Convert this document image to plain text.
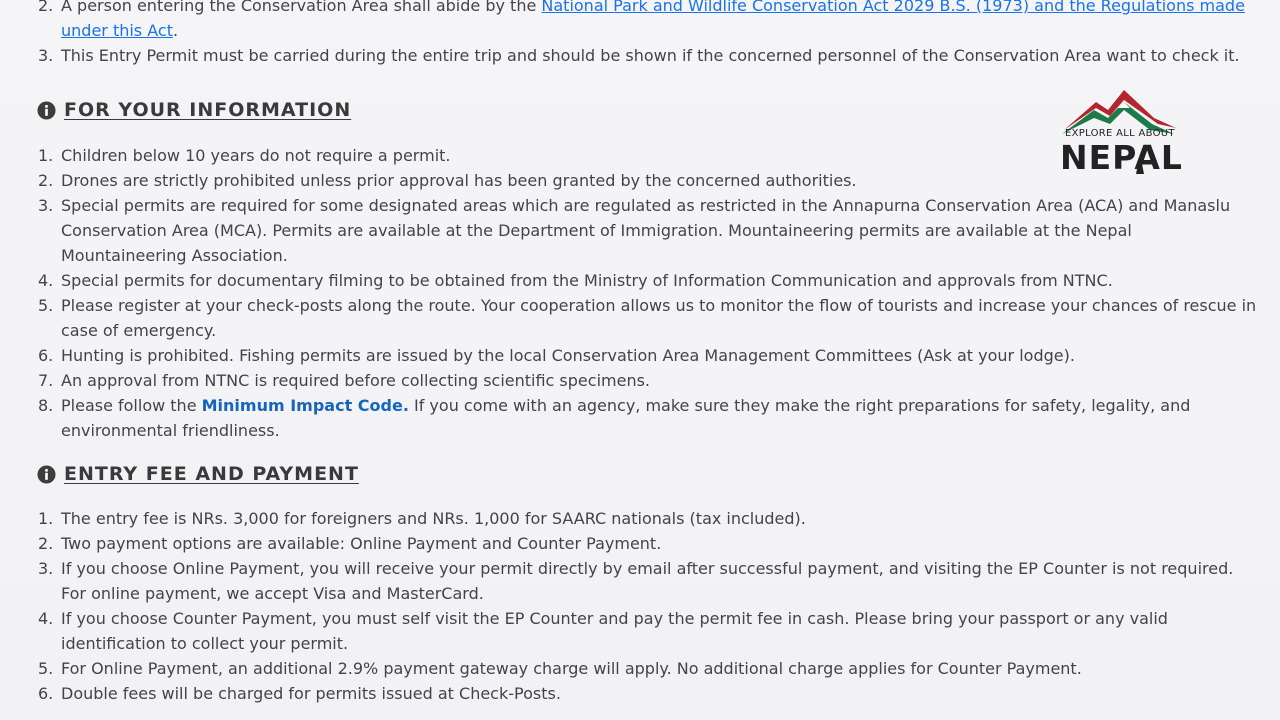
2. A person entering the Conservation Area shall abide by the National Park and Wildlife Conservation Act 2029 B.S. (1973) and the Regulations made under this Act.
3. This Entry Permit must be carried during the entire trip and should be shown if the concerned personnel of the Conservation Area want to check it.
FOR YOUR INFORMATION
1. Children below 10 years do not require a permit.
2. Drones are strictly prohibited unless prior approval has been granted by the concerned authorities.
3. Special permits are required for some designated areas which are regulated as restricted in the Annapurna Conservation Area (ACA) and Manaslu Conservation Area (MCA). Permits are available at the Department of Immigration. Mountaineering permits are available at the Nepal Mountaineering Association.
4. Special permits for documentary filming to be obtained from the Ministry of Information Communication and approvals from NTNC.
5. Please register at your check-posts along the route. Your cooperation allows us to monitor the flow of tourists and increase your chances of rescue in case of emergency.
6. Hunting is prohibited. Fishing permits are issued by the local Conservation Area Management Committees (Ask at your lodge).
7. An approval from NTNC is required before collecting scientific specimens.
8. Please follow the Minimum Impact Code. If you come with an agency, make sure they make the right preparations for safety, legality, and environmental friendliness.
ENTRY FEE AND PAYMENT
1. The entry fee is NRs. 3,000 for foreigners and NRs. 1,000 for SAARC nationals (tax included).
2. Two payment options are available: Online Payment and Counter Payment.
3. If you choose Online Payment, you will receive your permit directly by email after successful payment, and visiting the EP Counter is not required. For online payment, we accept Visa and MasterCard.
4. If you choose Counter Payment, you must self visit the EP Counter and pay the permit fee in cash. Please bring your passport or any valid identification to collect your permit.
5. For Online Payment, an additional 2.9% payment gateway charge will apply. No additional charge applies for Counter Payment.
6. Double fees will be charged for permits issued at Check-Posts.
EXPLORE ALL ABOUT
NEPAL
